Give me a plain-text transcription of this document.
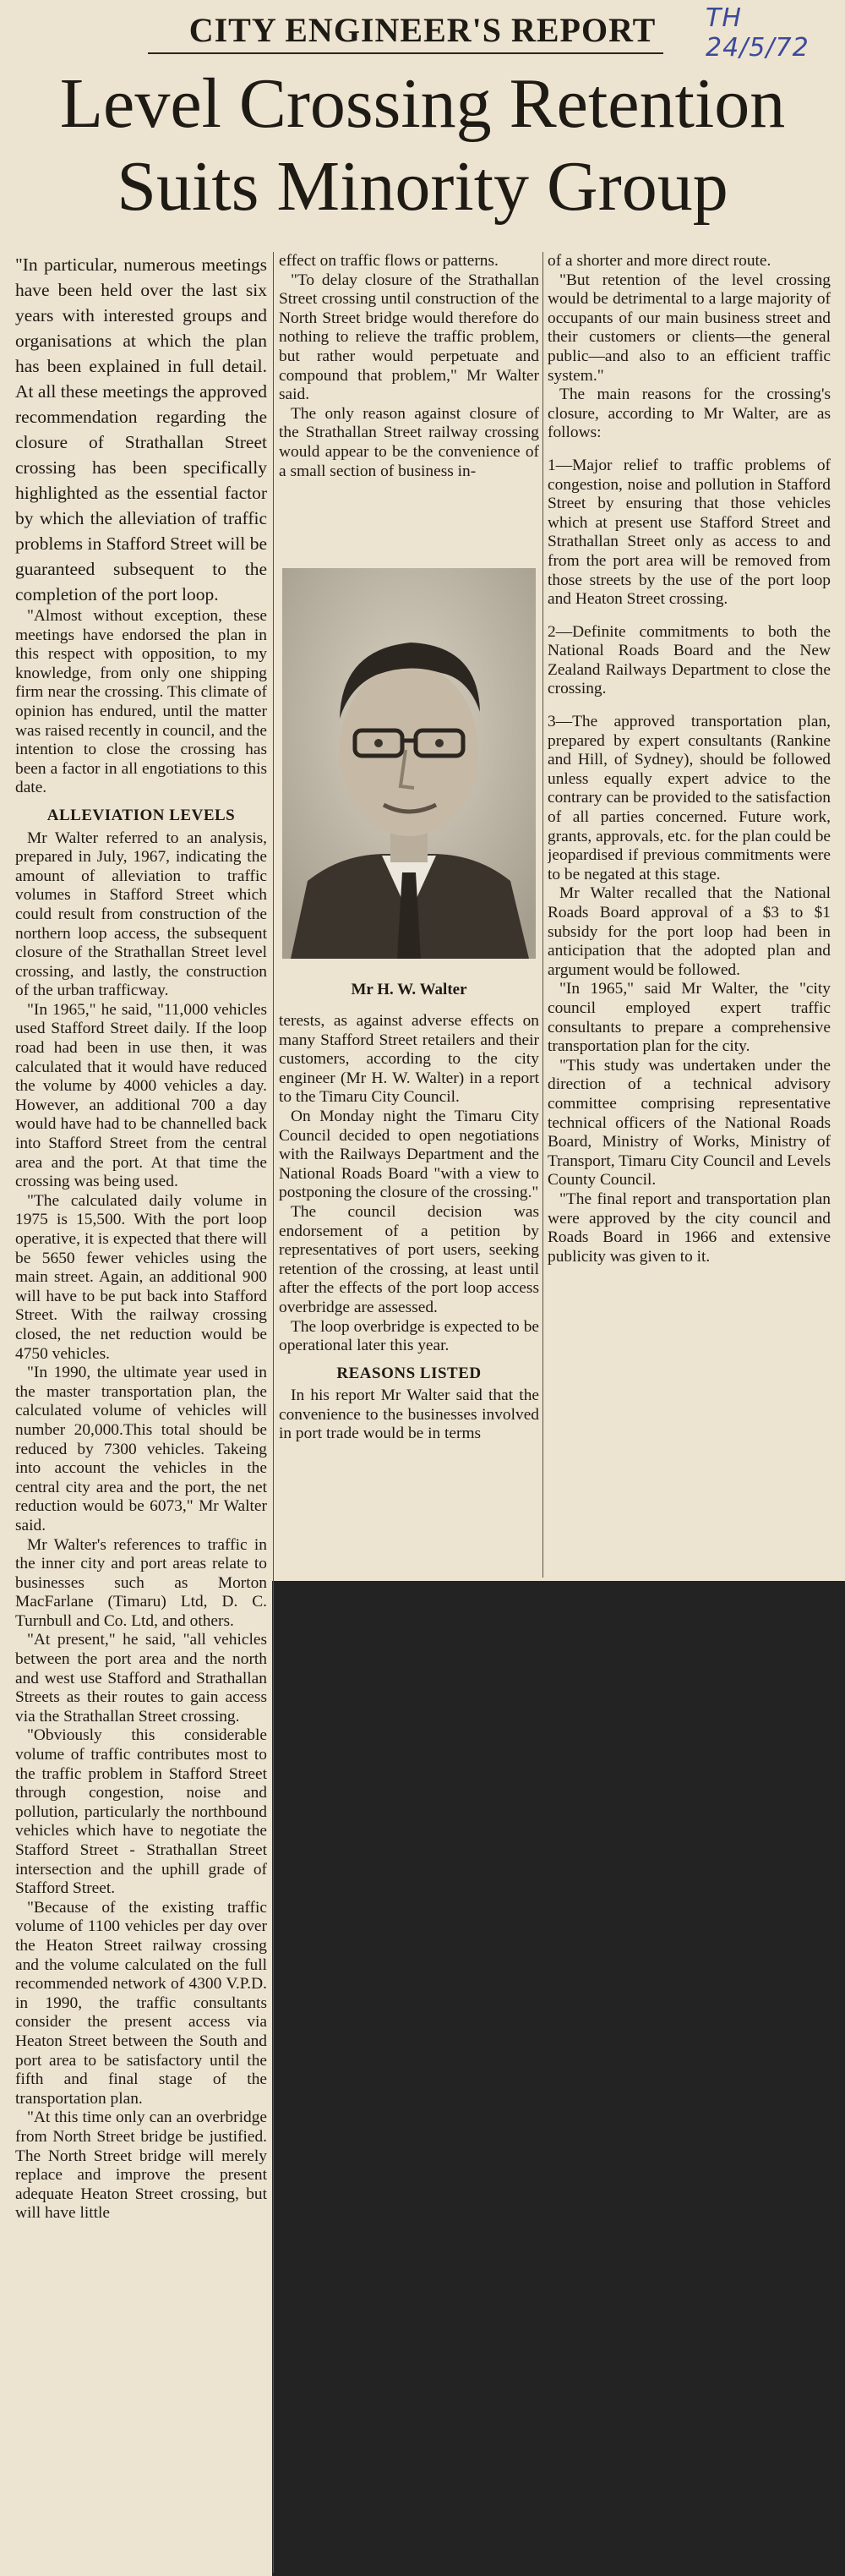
CITY ENGINEER'S REPORT	TH 24/5/72
Level Crossing Retention
Suits Minority Group

"In particular, numerous meetings have been held over the last six years with interested groups and organisations at which the plan has been explained in full detail. At all these meetings the approved recommendation regarding the closure of Strathallan Street crossing has been specifically highlighted as the essential factor by which the alleviation of traffic problems in Stafford Street will be guaranteed subsequent to the completion of the port loop.

"Almost without exception, these meetings have endorsed the plan in this respect with opposition, to my knowledge, from only one shipping firm near the crossing. This climate of opinion has endured, until the matter was raised recently in council, and the intention to close the crossing has been a factor in all engotiations to this date.

ALLEVIATION LEVELS

Mr Walter referred to an analysis, prepared in July, 1967, indicating the amount of alleviation to traffic volumes in Stafford Street which could result from construction of the northern loop access, the subsequent closure of the Strathallan Street level crossing, and lastly, the construction of the urban trafficway.

"In 1965," he said, "11,000 vehicles used Stafford Street daily. If the loop road had been in use then, it was calculated that it would have reduced the volume by 4000 vehicles a day. However, an additional 700 a day would have had to be channelled back into Stafford Street from the central area and the port. At that time the crossing was being used.

"The calculated daily volume in 1975 is 15,500. With the port loop operative, it is expected that there will be 5650 fewer vehicles using the main street. Again, an additional 900 will have to be put back into Stafford Street. With the railway crossing closed, the net reduction would be 4750 vehicles.

"In 1990, the ultimate year used in the master transportation plan, the calculated volume of vehicles will number 20,000.This total should be reduced by 7300 vehicles. Takeing into account the vehicles in the central city area and the port, the net reduction would be 6073," Mr Walter said.

Mr Walter's references to traffic in the inner city and port areas relate to businesses such as Morton MacFarlane (Timaru) Ltd, D. C. Turnbull and Co. Ltd, and others.

"At present," he said, "all vehicles between the port area and the north and west use Stafford and Strathallan Streets as their routes to gain access via the Strathallan Street crossing.

"Obviously this considerable volume of traffic contributes most to the traffic problem in Stafford Street through congestion, noise and pollution, particularly the northbound vehicles which have to negotiate the Stafford Street - Strathallan Street intersection and the uphill grade of Stafford Street.

"Because of the existing traffic volume of 1100 vehicles per day over the Heaton Street railway crossing and the volume calculated on the full recommended network of 4300 V.P.D. in 1990, the traffic consultants consider the present access via Heaton Street between the South and port area to be satisfactory until the fifth and final stage of the transportation plan.

"At this time only can an overbridge from North Street bridge be justified. The North Street bridge will merely replace and improve the present adequate Heaton Street crossing, but will have little

effect on traffic flows or patterns.

"To delay closure of the Strathallan Street crossing until construction of the North Street bridge would therefore do nothing to relieve the traffic problem, but rather would perpetuate and compound that problem," Mr Walter said.

The only reason against closure of the Strathallan Street railway crossing would appear to be the convenience of a small section of business in-

Mr H. W. Walter

terests, as against adverse effects on many Stafford Street retailers and their customers, according to the city engineer (Mr H. W. Walter) in a report to the Timaru City Council.

On Monday night the Timaru City Council decided to open negotiations with the Railways Department and the National Roads Board "with a view to postponing the closure of the crossing."

The council decision was endorsement of a petition by representatives of port users, seeking retention of the crossing, at least until after the effects of the port loop access overbridge are assessed.

The loop overbridge is expected to be operational later this year.

REASONS LISTED

In his report Mr Walter said that the convenience to the businesses involved in port trade would be in terms

of a shorter and more direct route.

"But retention of the level crossing would be detrimental to a large majority of occupants of our main business street and their customers or clients—the general public—and also to an efficient traffic system."

The main reasons for the crossing's closure, according to Mr Walter, are as follows:

1—Major relief to traffic problems of congestion, noise and pollution in Stafford Street by ensuring that those vehicles which at present use Stafford Street and Strathallan Street only as access to and from the port area will be removed from those streets by the use of the port loop and Heaton Street crossing.

2—Definite commitments to both the National Roads Board and the New Zealand Railways Department to close the crossing.

3—The approved transportation plan, prepared by expert consultants (Rankine and Hill, of Sydney), should be followed unless equally expert advice to the contrary can be provided to the satisfaction of all parties concerned. Future work, grants, approvals, etc. for the plan could be jeopardised if previous commitments were to be negated at this stage.

Mr Walter recalled that the National Roads Board approval of a $3 to $1 subsidy for the port loop had been in anticipation that the adopted plan and argument would be followed.

"In 1965," said Mr Walter, the "city council employed expert traffic consultants to prepare a comprehensive transportation plan for the city.

"This study was undertaken under the direction of a technical advisory committee comprising representative technical officers of the National Roads Board, Ministry of Works, Ministry of Transport, Timaru City Council and Levels County Council.

"The final report and transportation plan were approved by the city council and Roads Board in 1966 and extensive publicity was given to it.
